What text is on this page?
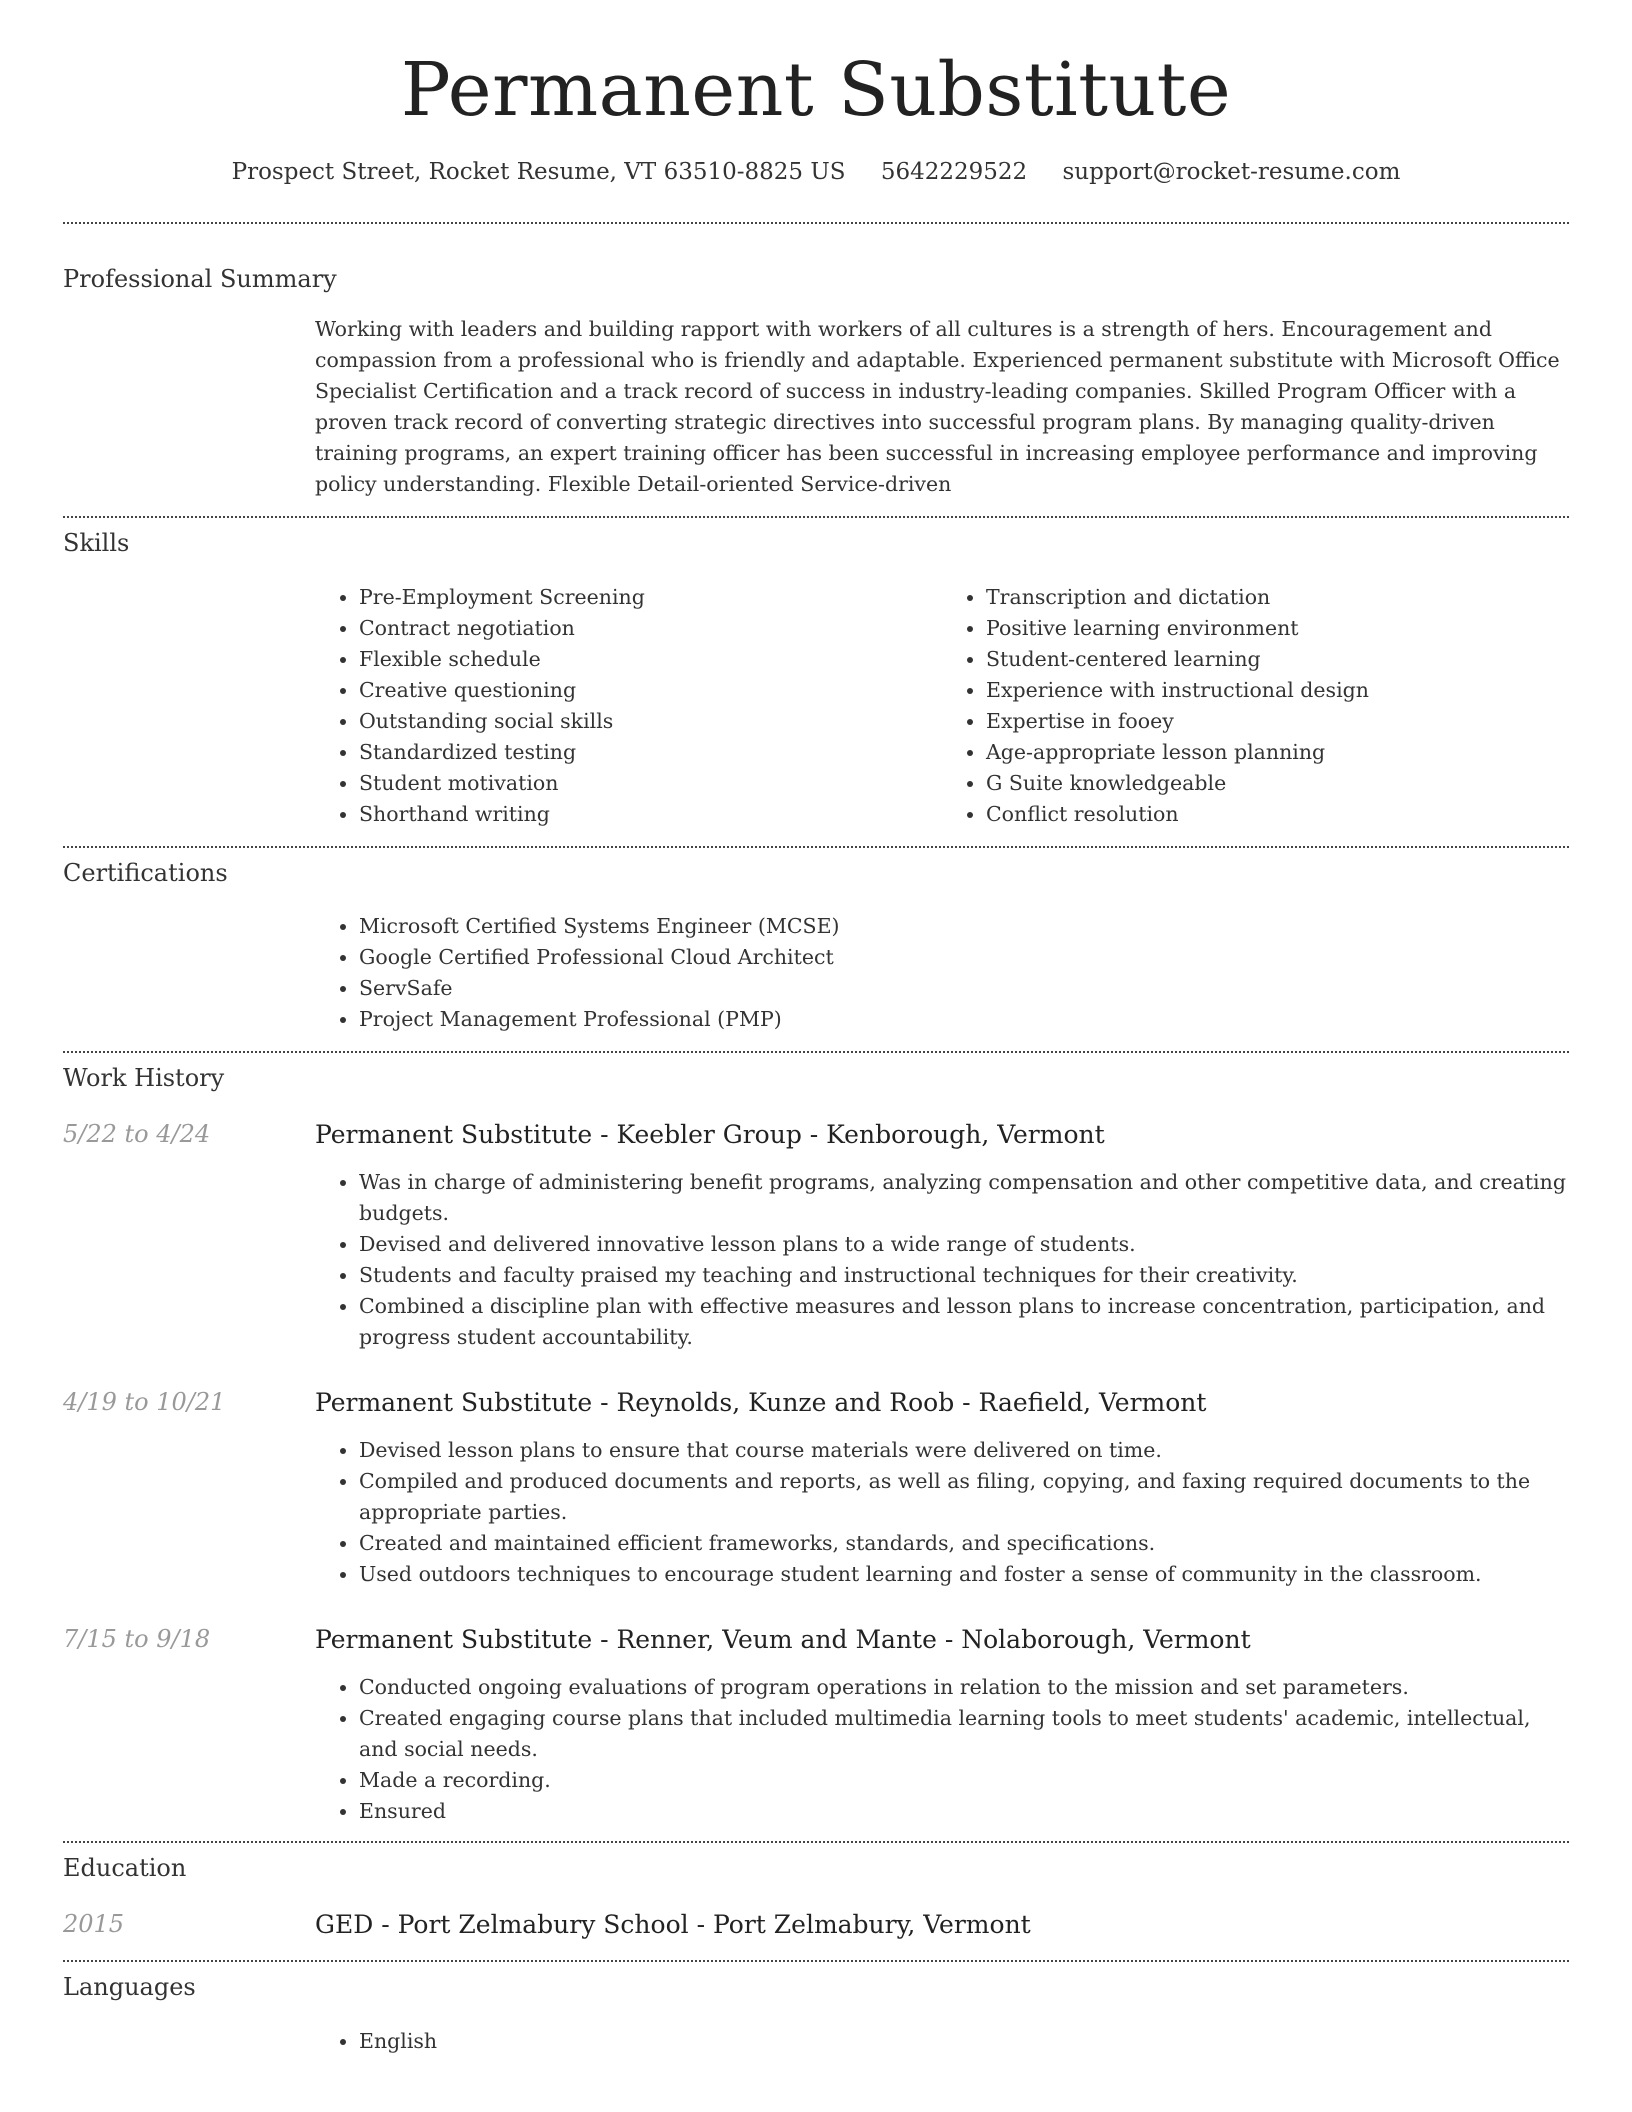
Permanent Substitute
Prospect Street, Rocket Resume, VT 63510-8825 US 5642229522 support@rocket-resume.com
Professional Summary

Working with leaders and building rapport with workers of all cultures is a strength of hers. Encouragement and compassion from a professional who is friendly and adaptable. Experienced permanent substitute with Microsoft Office Specialist Certification and a track record of success in industry-leading companies. Skilled Program Officer with a proven track record of converting strategic directives into successful program plans. By managing quality-driven training programs, an expert training officer has been successful in increasing employee performance and improving policy understanding. Flexible Detail-oriented Service-driven

Skills
• Pre-Employment Screening
• Contract negotiation
• Flexible schedule
• Creative questioning
• Outstanding social skills
• Standardized testing
• Student motivation
• Shorthand writing
• Transcription and dictation
• Positive learning environment
• Student-centered learning
• Experience with instructional design
• Expertise in fooey
• Age-appropriate lesson planning
• G Suite knowledgeable
• Conflict resolution
Certifications
• Microsoft Certified Systems Engineer (MCSE)
• Google Certified Professional Cloud Architect
• ServSafe
• Project Management Professional (PMP)
Work History
5/22 to 4/24	Permanent Substitute - Keebler Group - Kenborough, Vermont
• Was in charge of administering benefit programs, analyzing compensation and other competitive data, and creating budgets.
• Devised and delivered innovative lesson plans to a wide range of students.
• Students and faculty praised my teaching and instructional techniques for their creativity.
• Combined a discipline plan with effective measures and lesson plans to increase concentration, participation, and progress student accountability.
4/19 to 10/21	Permanent Substitute - Reynolds, Kunze and Roob - Raefield, Vermont
• Devised lesson plans to ensure that course materials were delivered on time.
• Compiled and produced documents and reports, as well as filing, copying, and faxing required documents to the appropriate parties.
• Created and maintained efficient frameworks, standards, and specifications.
• Used outdoors techniques to encourage student learning and foster a sense of community in the classroom.
7/15 to 9/18	Permanent Substitute - Renner, Veum and Mante - Nolaborough, Vermont
• Conducted ongoing evaluations of program operations in relation to the mission and set parameters.
• Created engaging course plans that included multimedia learning tools to meet students' academic, intellectual, and social needs.
• Made a recording.
• Ensured
Education
2015	GED - Port Zelmabury School - Port Zelmabury, Vermont
Languages
• English
